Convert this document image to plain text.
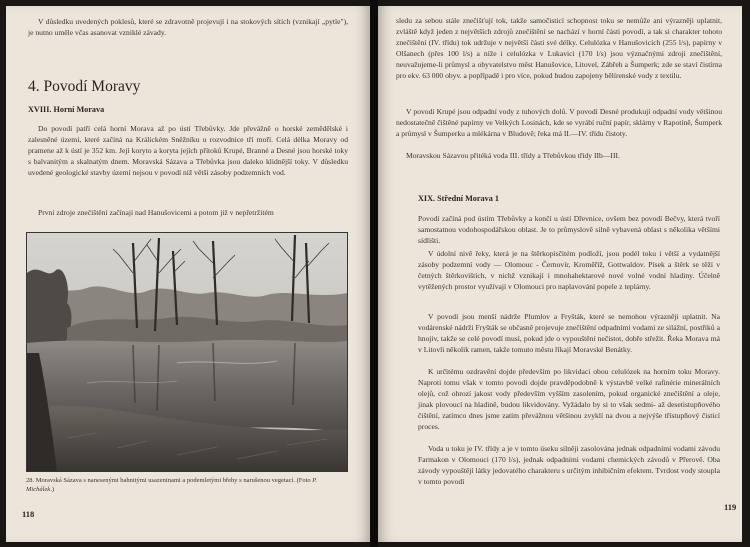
V důsledku uvedených poklesů, které se zdravotně projevují i na stokových sítích (vznikají „pytle"), je nutno uměle včas asanovat vzniklé závady.

4. Povodí Moravy
XVIII. Horní Morava

Do povodí patří celá horní Morava až po ústí Třebůvky. Jde převážně o horské zemědělské i zalesněné území, které začíná na Králickém Sněžníku u rozvodnice tří moří. Celá délka Moravy od pramene až k ústí je 352 km. Její koryto a koryta jejích přítoků Krupé, Branné a Desné jsou horské toky s balvanitým a skalnatým dnem. Moravská Sázava a Třebůvka jsou daleko klidnější toky. V důsledku uvedené geologické stavby území nejsou v povodí níž větší zásoby podzemních vod.

První zdroje znečištění začínají nad Hanušovicemi a potom již v nepřetržitém

28. Moravská Sázava s nanesenými bahnitými usazeninami a podemletými břehy s narušenou vegetací. (Foto P. Michálek.)
118

sledu za sebou stále znečišťují tok, takže samočisticí schopnost toku se nemůže ani výrazněji uplatnit, zvláště když jeden z největších zdrojů znečištění se nachází v horní části povodí, a tak si charakter tohoto znečištění (IV. třídu) tok udržuje v největší části své délky. Celulózka v Hanušovicích (255 l/s), papírny v Olšanech (přes 100 l/s) a níže i celulózka v Lukavici (170 l/s) jsou význačnými zdroji znečištění, neuvažujeme-li průmysl a obyvatelstvo měst Hanušovice, Litovel, Zábřeh a Šumperk; zde se staví čistírna pro ekv. 63 000 obyv. a popřípadě i pro více, pokud budou zapojeny bělírenské vody z textilu.

V povodí Krupé jsou odpadní vody z tuhových dolů. V povodí Desné produkují odpadní vody většinou nedostatečně čištěné papírny ve Velkých Losinách, kde se vyrábí ruční papír, sklárny v Rapotíně, Šumperk a průmysl v Šumperku a mlékárna v Bludově; řeka má II.—IV. třídu čistoty.

Moravskou Sázavou přitéká voda III. třídy a Třebůvkou třídy IIb—III.

XIX. Střední Morava 1

Povodí začíná pod ústím Třebůvky a končí u ústí Dřevnice, ovšem bez povodí Bečvy, která tvoří samostatnou vodohospodářskou oblast. Je to průmyslově silně vybavená oblast s několika většími sídlišti.

V údolní nivě řeky, která je na štěrkopísčitém podloží, jsou podél toku i větší a vydatnější zásoby podzemní vody — Olomouc - Černovír, Kroměříž, Gottwaldov. Písek a štěrk se těží v četných štěrkovištích, v nichž vznikají i mnohahektarové nové volné vodní hladiny. Účelně vytěžených prostor využívají v Olomouci pro naplavování popele z teplárny.

V povodí jsou menší nádrže Plumlov a Fryšták, které se nemohou výrazněji uplatnit. Na vodárenské nádrži Fryšták se občasně projevuje znečištění odpadními vodami ze silážní, postřiků a hnojiv, takže se celé povodí musí, pokud jde o vypouštění nečistot, dobře střežit. Řeka Morava má v Litovli několik ramen, takže tomuto městu říkají Moravské Benátky.

K určitému ozdravění dojde především po likvidaci obou celulózek na horním toku Moravy. Naproti tomu však v tomto povodí dojde pravděpodobně k výstavbě velké rafinérie minerálních olejů, což ohrozí jakost vody především vyšším zasolením, pokud organické znečištění a oleje, jinak plovoucí na hladině, budou likvidovány. Vyžádalo by si to však sedmi- až desetistupňového čištění, zatímco dnes jsme zatím převážnou většinou zvyklí na dvou a nejvýše třístupňový čisticí proces.

Voda u toku je IV. třídy a je v tomto úseku silněji zasolována jednak odpadními vodami závodu Farmakon v Olomouci (170 l/s), jednak odpadními vodami chemických závodů v Přerově. Oba závody vypouštějí látky jedovatého charakteru s určitým inhibičním efektem. Tvrdost vody stoupla v tomto povodí

119
